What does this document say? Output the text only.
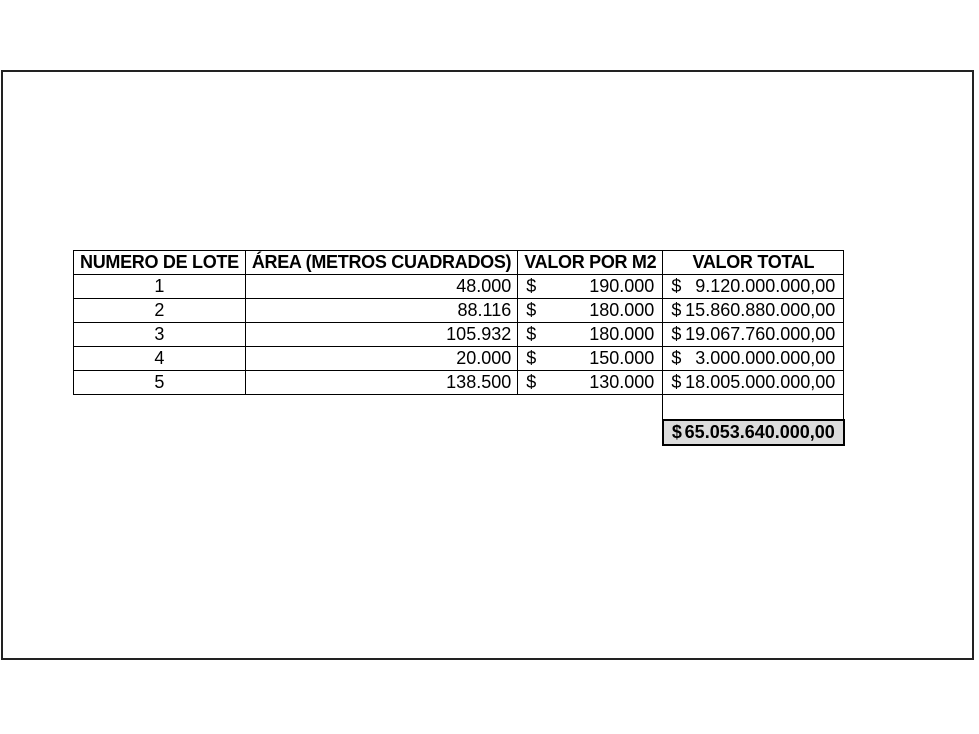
NUMERO DE LOTE	ÁREA (METROS CUADRADOS)	VALOR POR M2	VALOR TOTAL
1	48.000	$ 190.000	$ 9.120.000.000,00

2	88.116	$ 180.000	$ 15.860.880.000,00

3	105.932	$ 180.000	$ 19.067.760.000,00

4	20.000	$ 150.000	$ 3.000.000.000,00

5	138.500	$ 130.000	$ 18.005.000.000,00

			$ 65.053.640.000,00
